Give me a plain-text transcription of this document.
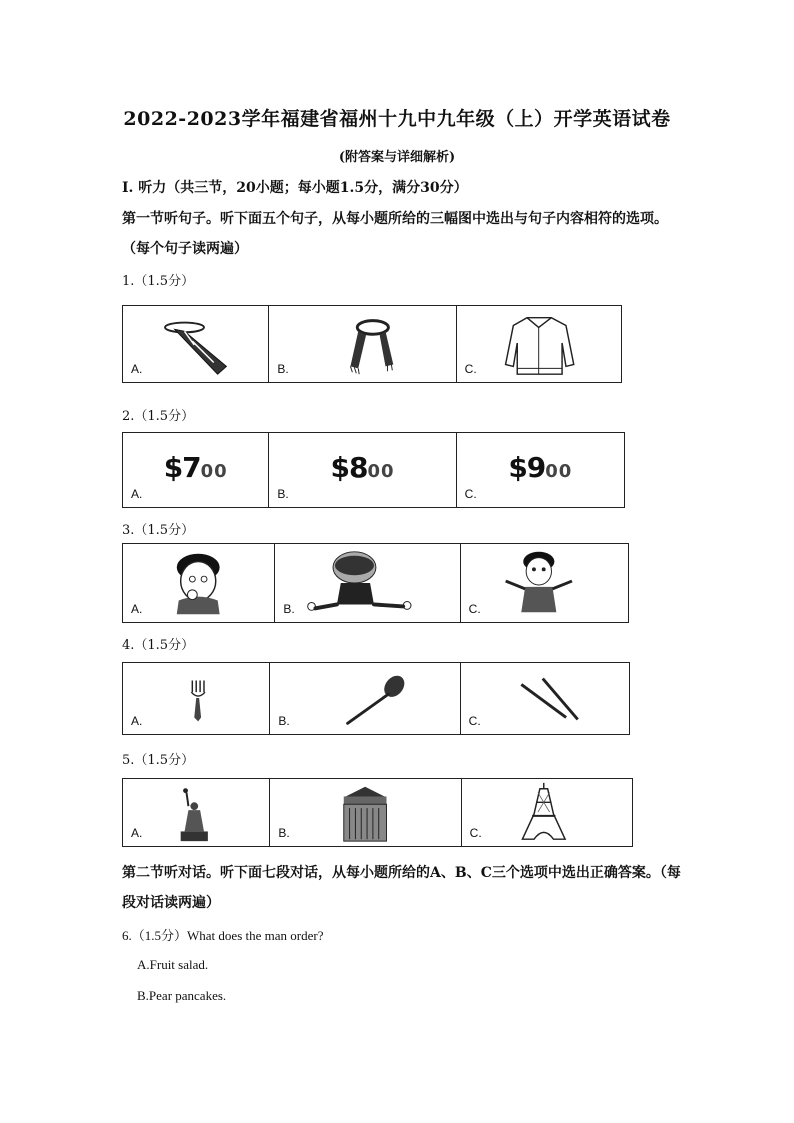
2022-2023学年福建省福州十九中九年级（上）开学英语试卷
(附答案与详细解析)
I. 听力（共三节，20小题；每小题1.5分，满分30分）
第一节听句子。听下面五个句子，从每小题所给的三幅图中选出与句子内容相符的选项。
（每个句子读两遍）
1.（1.5分）
A.	B.	C.
2.（1.5分）
$700
A.
$800
B.
$900
C.
3.（1.5分）
A.	B.	C.
4.（1.5分）
A.	B.	C.
5.（1.5分）
A.	B.	C.
第二节听对话。听下面七段对话，从每小题所给的A、B、C三个选项中选出正确答案。（每
段对话读两遍）
6.（1.5分）What does the man order?
A.Fruit salad.
B.Pear pancakes.
